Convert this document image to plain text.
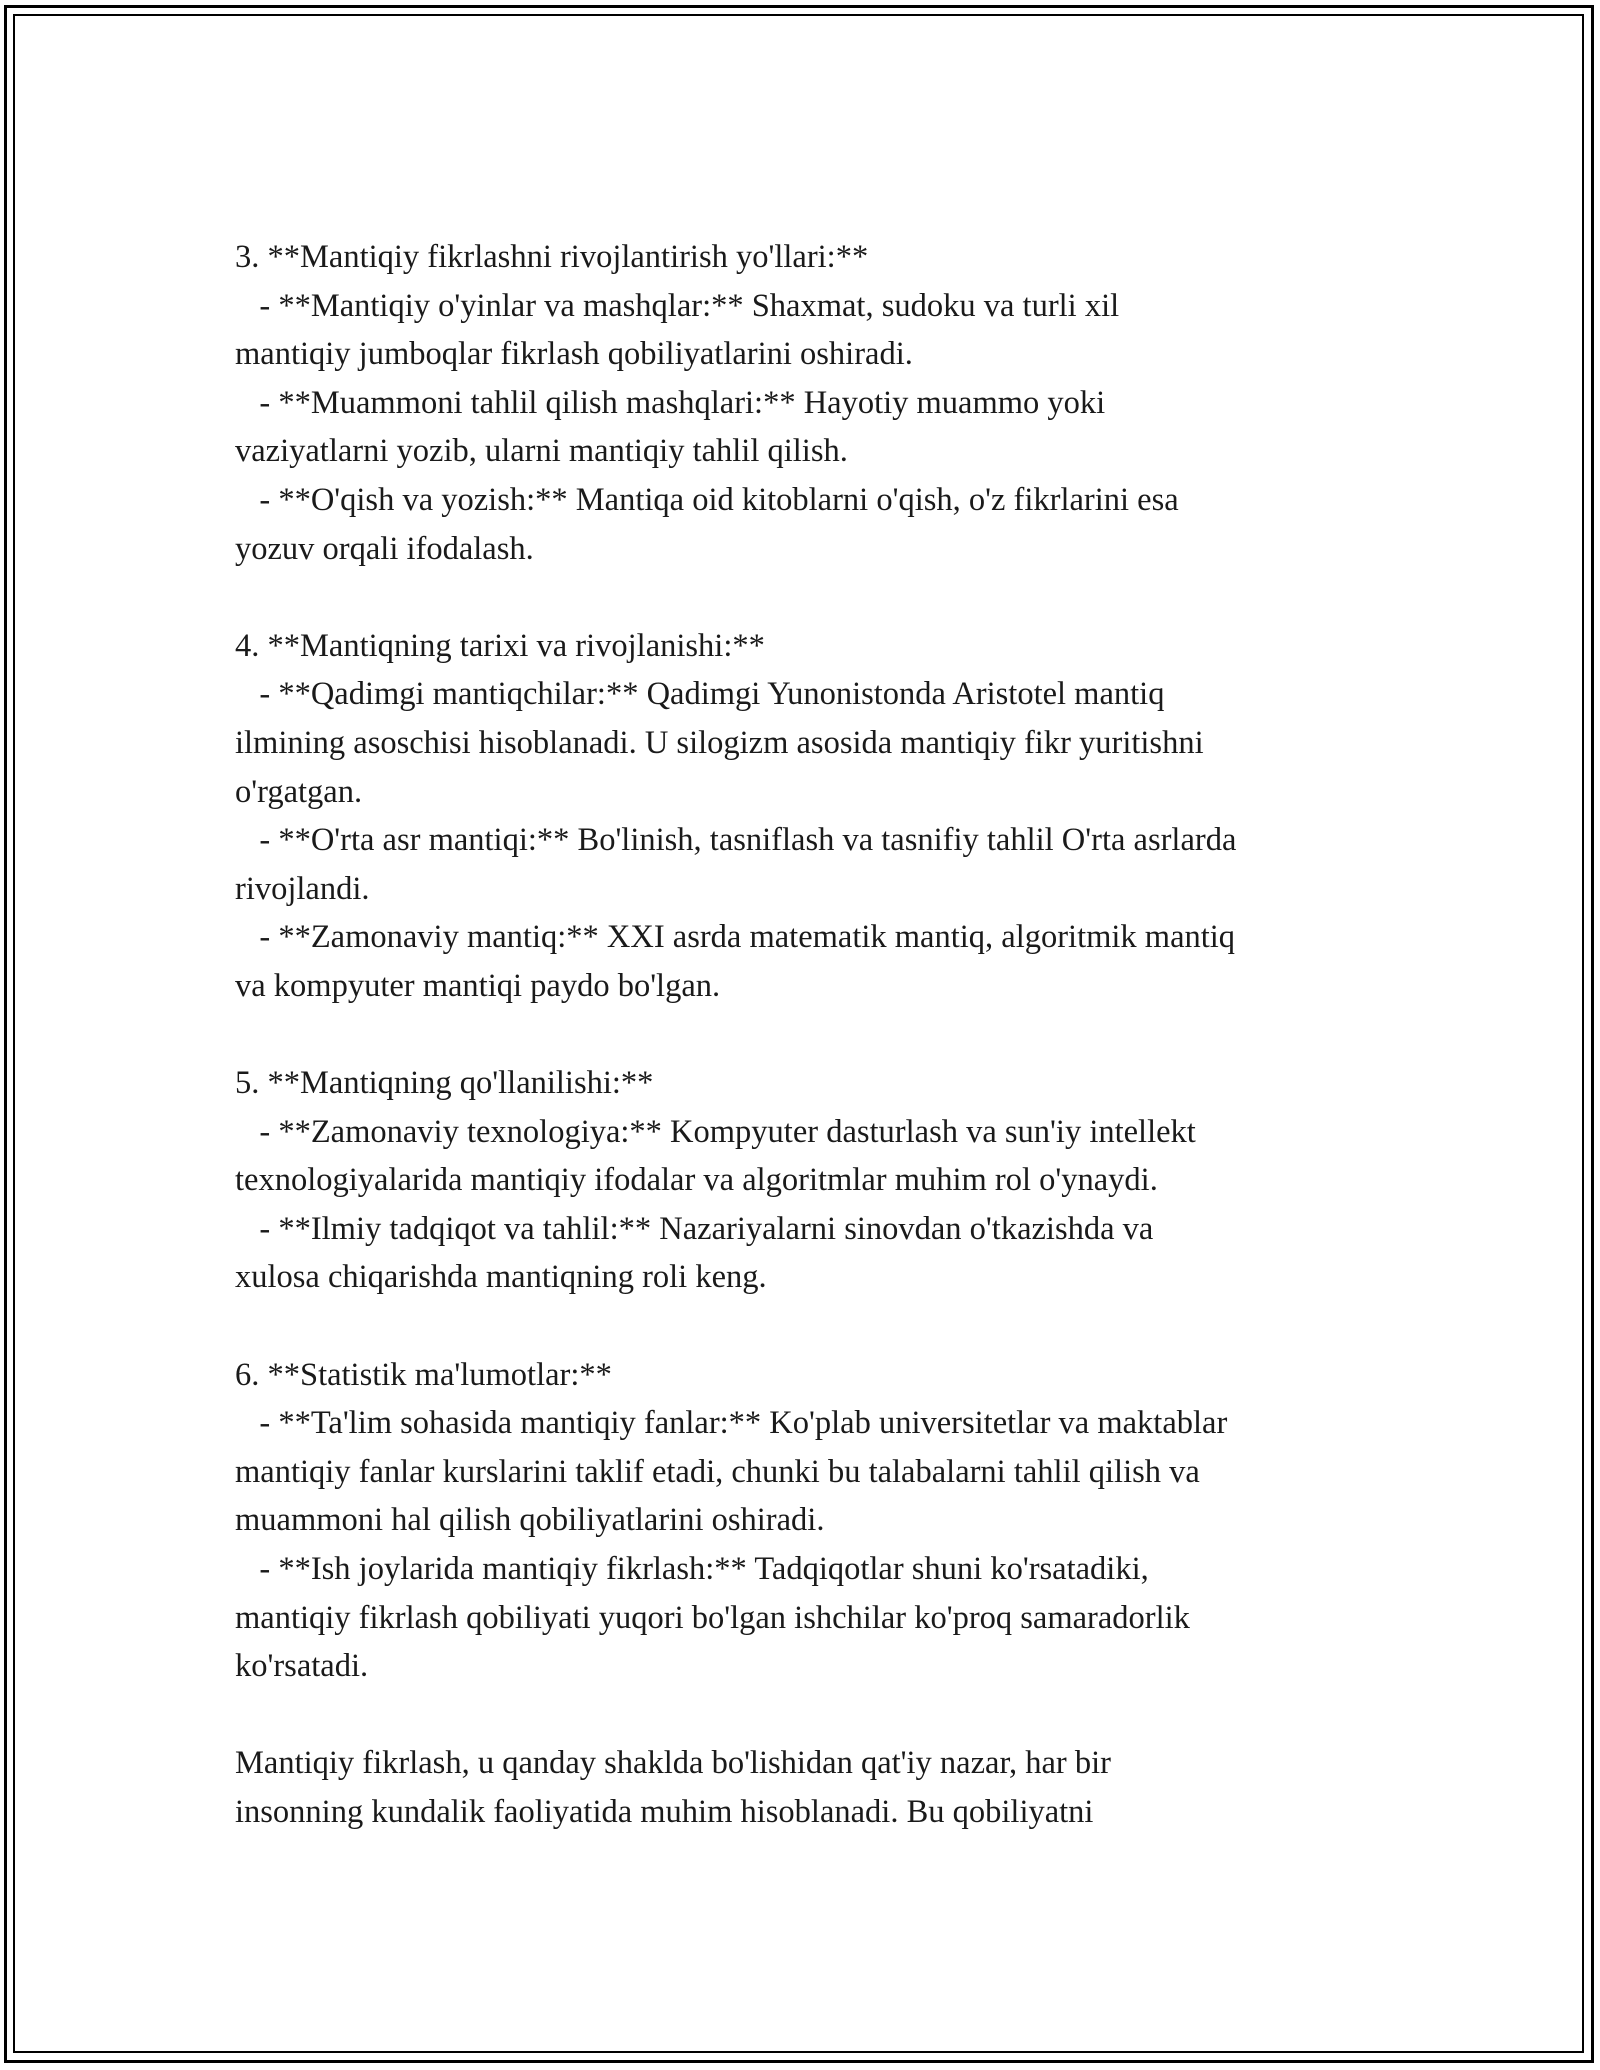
3. **Mantiqiy fikrlashni rivojlantirish yo'llari:**
- **Mantiqiy o'yinlar va mashqlar:** Shaxmat, sudoku va turli xil
mantiqiy jumboqlar fikrlash qobiliyatlarini oshiradi.
- **Muammoni tahlil qilish mashqlari:** Hayotiy muammo yoki
vaziyatlarni yozib, ularni mantiqiy tahlil qilish.
- **O'qish va yozish:** Mantiqa oid kitoblarni o'qish, o'z fikrlarini esa
yozuv orqali ifodalash.
4. **Mantiqning tarixi va rivojlanishi:**
- **Qadimgi mantiqchilar:** Qadimgi Yunonistonda Aristotel mantiq
ilmining asoschisi hisoblanadi. U silogizm asosida mantiqiy fikr yuritishni
o'rgatgan.
- **O'rta asr mantiqi:** Bo'linish, tasniflash va tasnifiy tahlil O'rta asrlarda
rivojlandi.
- **Zamonaviy mantiq:** XXI asrda matematik mantiq, algoritmik mantiq
va kompyuter mantiqi paydo bo'lgan.
5. **Mantiqning qo'llanilishi:**
- **Zamonaviy texnologiya:** Kompyuter dasturlash va sun'iy intellekt
texnologiyalarida mantiqiy ifodalar va algoritmlar muhim rol o'ynaydi.
- **Ilmiy tadqiqot va tahlil:** Nazariyalarni sinovdan o'tkazishda va
xulosa chiqarishda mantiqning roli keng.
6. **Statistik ma'lumotlar:**
- **Ta'lim sohasida mantiqiy fanlar:** Ko'plab universitetlar va maktablar
mantiqiy fanlar kurslarini taklif etadi, chunki bu talabalarni tahlil qilish va
muammoni hal qilish qobiliyatlarini oshiradi.
- **Ish joylarida mantiqiy fikrlash:** Tadqiqotlar shuni ko'rsatadiki,
mantiqiy fikrlash qobiliyati yuqori bo'lgan ishchilar ko'proq samaradorlik
ko'rsatadi.
Mantiqiy fikrlash, u qanday shaklda bo'lishidan qat'iy nazar, har bir
insonning kundalik faoliyatida muhim hisoblanadi. Bu qobiliyatni
